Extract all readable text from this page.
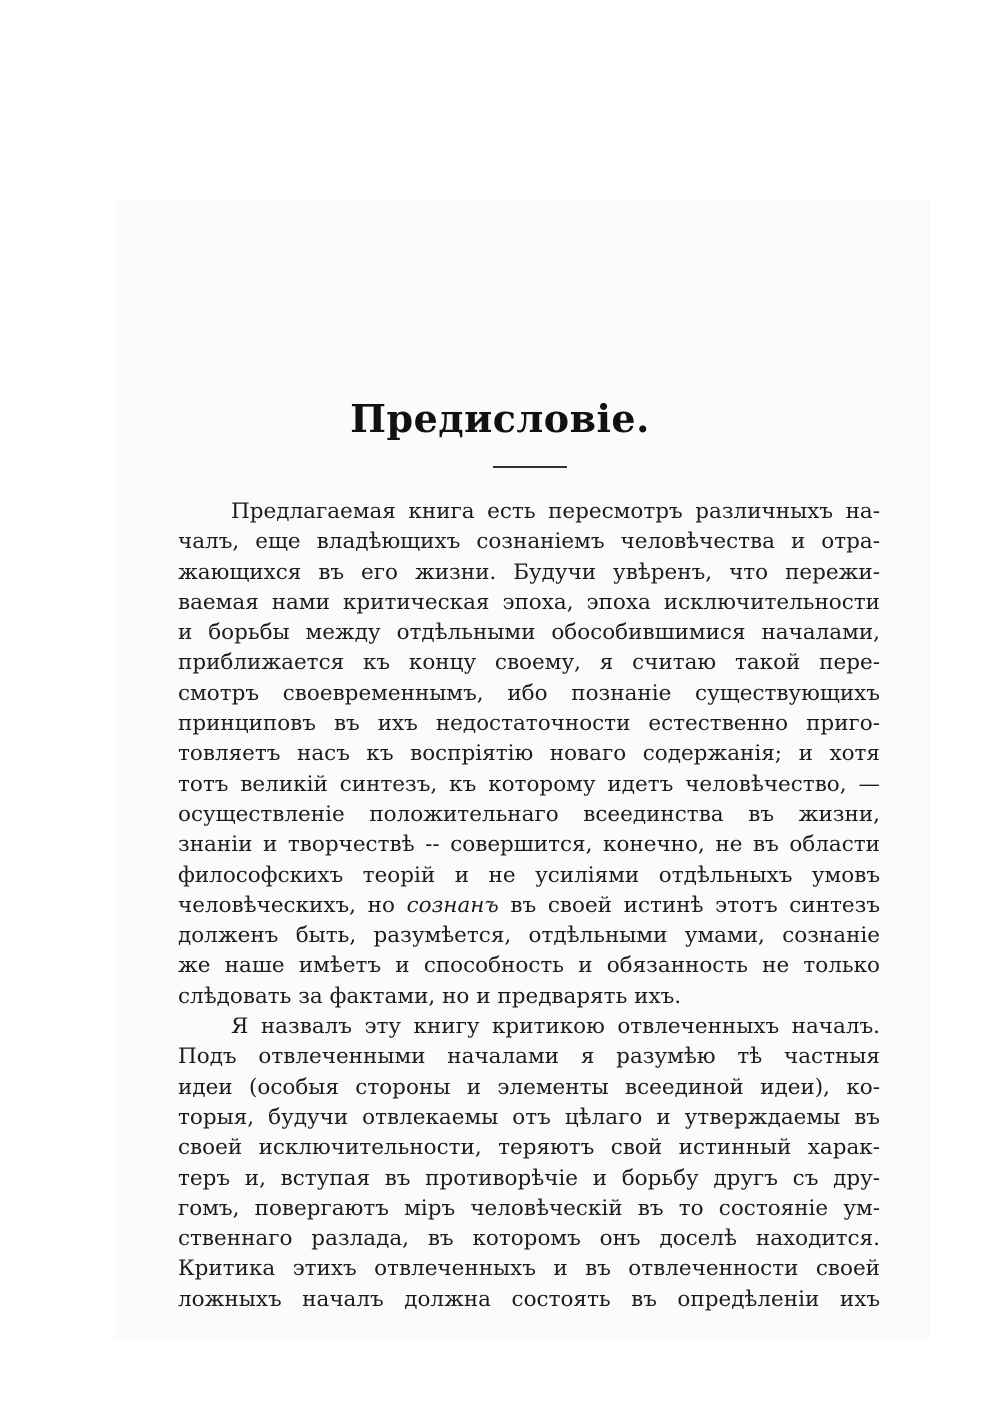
Предисловіе.
Предлагаемая книга есть пересмотръ различныхъ на-
чалъ, еще владѣющихъ сознаніемъ человѣчества и отра-
жающихся въ его жизни. Будучи увѣренъ, что пережи-
ваемая нами критическая эпоха, эпоха исключительности
и борьбы между отдѣльными обособившимися началами,
приближается къ концу своему, я считаю такой пере-
смотръ своевременнымъ, ибо познаніе существующихъ
принциповъ въ ихъ недостаточности естественно приго-
товляетъ насъ къ воспріятію новаго содержанія; и хотя
тотъ великій синтезъ, къ которому идетъ человѣчество, —
осуществленіе положительнаго всеединства въ жизни,
знаніи и творчествѣ -- совершится, конечно, не въ области
философскихъ теорій и не усиліями отдѣльныхъ умовъ
человѣческихъ, но сознанъ въ своей истинѣ этотъ синтезъ
долженъ быть, разумѣется, отдѣльными умами, сознаніе
же наше имѣетъ и способность и обязанность не только
слѣдовать за фактами, но и предварять ихъ.
Я назвалъ эту книгу критикою отвлеченныхъ началъ.
Подъ отвлеченными началами я разумѣю тѣ частныя
идеи (особыя стороны и элементы всеединой идеи), ко-
торыя, будучи отвлекаемы отъ цѣлаго и утверждаемы въ
своей исключительности, теряютъ свой истинный харак-
теръ и, вступая въ противорѣчіе и борьбу другъ съ дру-
гомъ, повергаютъ міръ человѣческій въ то состояніе ум-
ственнаго разлада, въ которомъ онъ доселѣ находится.
Критика этихъ отвлеченныхъ и въ отвлеченности своей
ложныхъ началъ должна состоять въ опредѣленіи ихъ
